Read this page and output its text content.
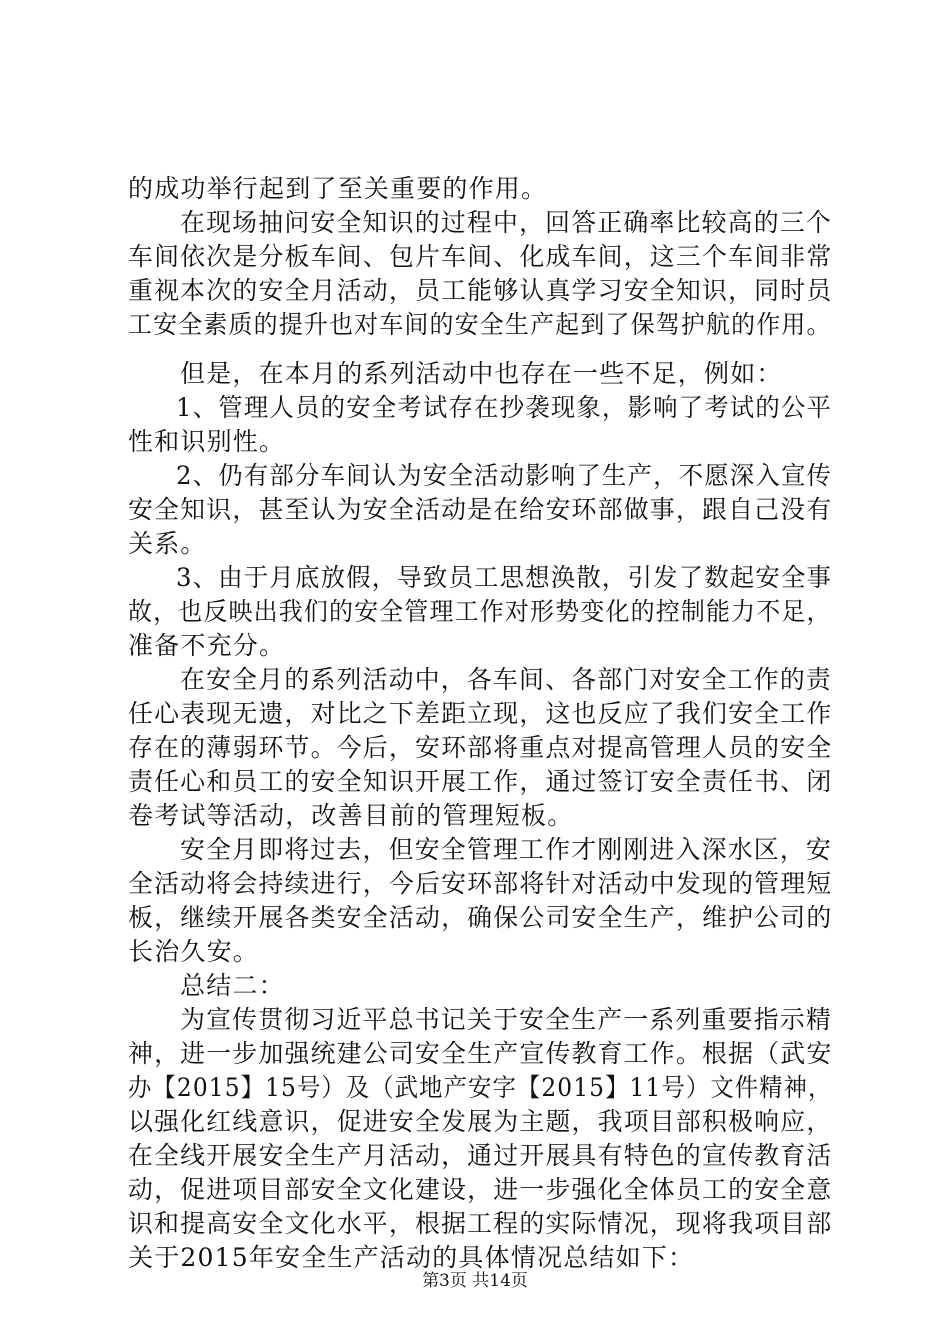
的成功举行起到了至关重要的作用。
在现场抽问安全知识的过程中，回答正确率比较高的三个
车间依次是分板车间、包片车间、化成车间，这三个车间非常
重视本次的安全月活动，员工能够认真学习安全知识，同时员
工安全素质的提升也对车间的安全生产起到了保驾护航的作用。
但是，在本月的系列活动中也存在一些不足，例如：
1、管理人员的安全考试存在抄袭现象，影响了考试的公平
性和识别性。
2、仍有部分车间认为安全活动影响了生产，不愿深入宣传
安全知识，甚至认为安全活动是在给安环部做事，跟自己没有
关系。
3、由于月底放假，导致员工思想涣散，引发了数起安全事
故，也反映出我们的安全管理工作对形势变化的控制能力不足，
准备不充分。
在安全月的系列活动中，各车间、各部门对安全工作的责
任心表现无遗，对比之下差距立现，这也反应了我们安全工作
存在的薄弱环节。今后，安环部将重点对提高管理人员的安全
责任心和员工的安全知识开展工作，通过签订安全责任书、闭
卷考试等活动，改善目前的管理短板。
安全月即将过去，但安全管理工作才刚刚进入深水区，安
全活动将会持续进行，今后安环部将针对活动中发现的管理短
板，继续开展各类安全活动，确保公司安全生产，维护公司的
长治久安。
总结二：
为宣传贯彻习近平总书记关于安全生产一系列重要指示精
神，进一步加强统建公司安全生产宣传教育工作。根据（武安
办【2015】15号）及（武地产安字【2015】11号）文件精神，
以强化红线意识，促进安全发展为主题，我项目部积极响应，
在全线开展安全生产月活动，通过开展具有特色的宣传教育活
动，促进项目部安全文化建设，进一步强化全体员工的安全意
识和提高安全文化水平，根据工程的实际情况，现将我项目部
关于2015年安全生产活动的具体情况总结如下：
第3页 共14页
